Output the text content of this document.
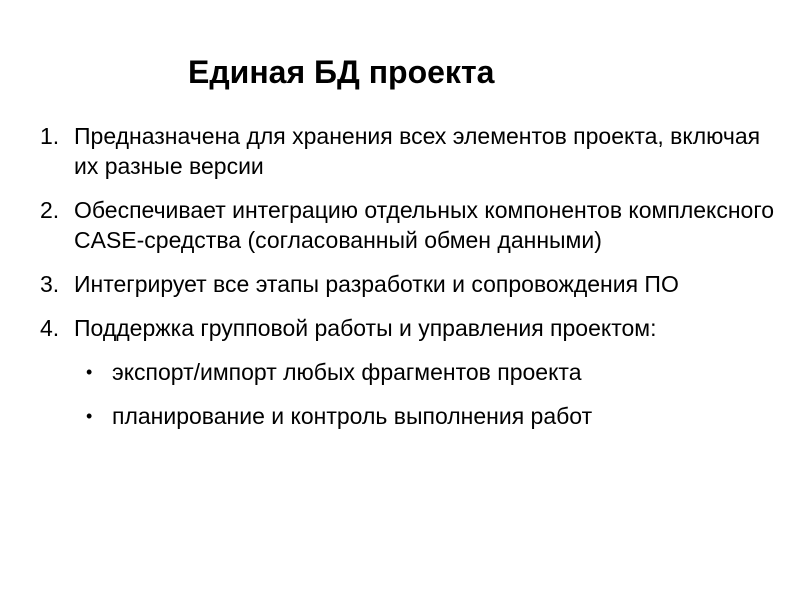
Единая БД проекта
1. Предназначена для хранения всех элементов проекта, включая их разные версии
2. Обеспечивает интеграцию отдельных компонентов комплексного CASE-средства (согласованный обмен данными)
3. Интегрирует все этапы разработки и сопровождения ПО
4. Поддержка групповой работы и управления проектом:
• экспорт/импорт любых фрагментов проекта
• планирование и контроль выполнения работ
